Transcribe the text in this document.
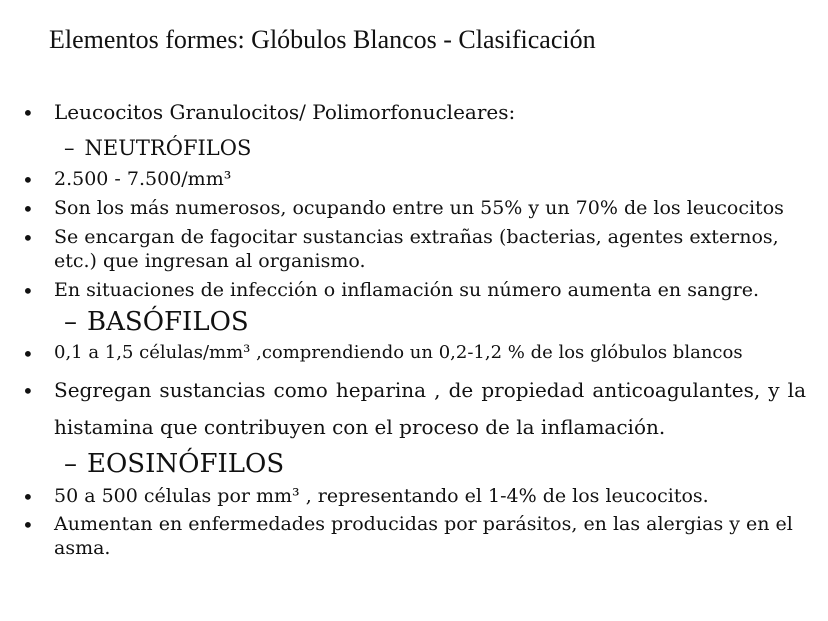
Elementos formes: Glóbulos Blancos - Clasificación
• Leucocitos Granulocitos/ Polimorfonucleares:
– NEUTRÓFILOS
• 2.500 - 7.500/mm³
• Son los más numerosos, ocupando entre un 55% y un 70% de los leucocitos
• Se encargan de fagocitar sustancias extrañas (bacterias, agentes externos,
etc.) que ingresan al organismo.
• En situaciones de infección o inflamación su número aumenta en sangre.
– BASÓFILOS
• 0,1 a 1,5 células/mm³ ,comprendiendo un 0,2-1,2 % de los glóbulos blancos
• Segregan sustancias como heparina , de propiedad anticoagulantes, y la
histamina que contribuyen con el proceso de la inflamación.
– EOSINÓFILOS
• 50 a 500 células por mm³ , representando el 1-4% de los leucocitos.
• Aumentan en enfermedades producidas por parásitos, en las alergias y en el
asma.
